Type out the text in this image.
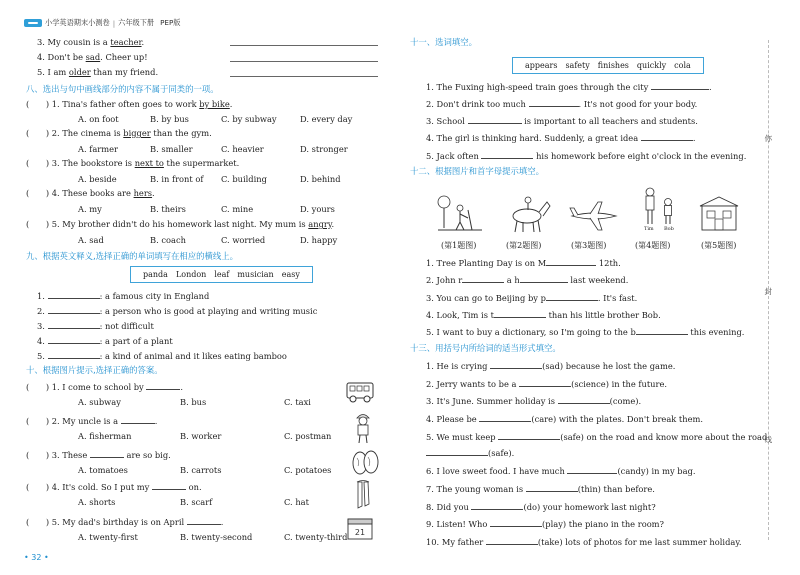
小学英语期末小测卷 | 六年级下册 PEP版
3. My cousin is a teacher.
4. Don't be sad. Cheer up!
5. I am older than my friend.
八、选出与句中画线部分的内容不属于同类的一项。
(　　) 1. Tina's father often goes to work by bike.
A. on foot	B. by bus	C. by subway	D. every day
(　　) 2. The cinema is bigger than the gym.
A. farmer	B. smaller	C. heavier	D. stronger
(　　) 3. The bookstore is next to the supermarket.
A. beside	B. in front of C. building	D. behind
(　　) 4. These books are hers.
A. my	B. theirs	C. mine	D. yours
(　　) 5. My brother didn't do his homework last night. My mum is angry.
A. sad	B. coach	C. worried	D. happy
九、根据英文释义,选择正确的单词填写在相应的横线上。
panda London leaf musician easy
1.	: a famous city in England
2.	: a person who is good at playing and writing music
3.	: not difficult
4.	: a part of a plant
5.	: a kind of animal and it likes eating bamboo
十、根据图片提示,选择正确的答案。
(　　) 1. I come to school by	.
A. subway	B. bus	C. taxi
(　　) 2. My uncle is a	.
A. fisherman	B. worker	C. postman
(　　) 3. These	are so big.
A. tomatoes	B. carrots	C. potatoes
(　　) 4. It's cold. So I put my	on.
A. shorts	B. scarf	C. hat
(　　) 5. My dad's birthday is on April	.
A. twenty-first	B. twenty-second	C. twenty-third 21
十一、选词填空。
appears safety finishes quickly cola
1. The Fuxing high-speed train goes through the city	.
2. Don't drink too much	. It's not good for your body.
3. School	is important to all teachers and students.
4. The girl is thinking hard. Suddenly, a great idea	.
5. Jack often	his homework before eight o'clock in the evening.
十二、根据图片和首字母提示填空。
Tim Bob
(第1题图)	(第2题图)	(第3题图)	(第4题图)	(第5题图)
1. Tree Planting Day is on M	12th.
2. John r	a h	last weekend.
3. You can go to Beijing by p	. It's fast.
4. Look, Tim is t	than his little brother Bob.
5. I want to buy a dictionary, so I'm going to the b	this evening.
十三、用括号内所给词的适当形式填空。
1. He is crying	(sad) because he lost the game.
2. Jerry wants to be a	(science) in the future.
3. It's June. Summer holiday is	(come).
4. Please be	(care) with the plates. Don't break them.
5. We must keep	(safe) on the road and know more about the road
(safe).
6. I love sweet food. I have much	(candy) in my bag.
7. The young woman is	(thin) than before.
8. Did you	(do) your homework last night?
9. Listen! Who	(play) the piano in the room?
10. My father	(take) lots of photos for me last summer holiday.
你
封
线
• 32 •
